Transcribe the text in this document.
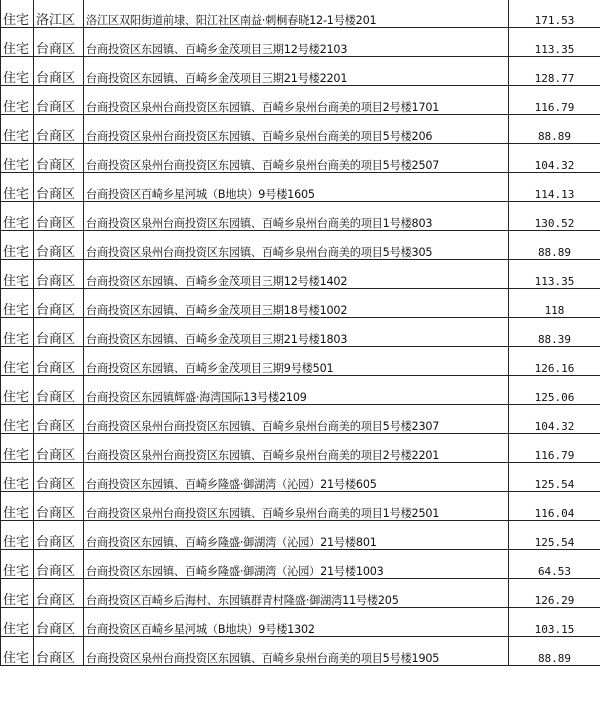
住宅	洛江区	洛江区双阳街道前埭、阳江社区南益·刺桐春晓12-1号楼201	171.53
住宅	台商区	台商投资区东园镇、百崎乡金茂项目三期12号楼2103	113.35
住宅	台商区	台商投资区东园镇、百崎乡金茂项目三期21号楼2201	128.77
住宅	台商区	台商投资区泉州台商投资区东园镇、百崎乡泉州台商美的项目2号楼1701	116.79
住宅	台商区	台商投资区泉州台商投资区东园镇、百崎乡泉州台商美的项目5号楼206	88.89
住宅	台商区	台商投资区泉州台商投资区东园镇、百崎乡泉州台商美的项目5号楼2507	104.32
住宅	台商区	台商投资区百崎乡星河城（B地块）9号楼1605	114.13
住宅	台商区	台商投资区泉州台商投资区东园镇、百崎乡泉州台商美的项目1号楼803	130.52
住宅	台商区	台商投资区泉州台商投资区东园镇、百崎乡泉州台商美的项目5号楼305	88.89
住宅	台商区	台商投资区东园镇、百崎乡金茂项目三期12号楼1402	113.35
住宅	台商区	台商投资区东园镇、百崎乡金茂项目三期18号楼1002	118
住宅	台商区	台商投资区东园镇、百崎乡金茂项目三期21号楼1803	88.39
住宅	台商区	台商投资区东园镇、百崎乡金茂项目三期9号楼501	126.16
住宅	台商区	台商投资区东园镇辉盛·海湾国际13号楼2109	125.06
住宅	台商区	台商投资区泉州台商投资区东园镇、百崎乡泉州台商美的项目5号楼2307	104.32
住宅	台商区	台商投资区泉州台商投资区东园镇、百崎乡泉州台商美的项目2号楼2201	116.79
住宅	台商区	台商投资区东园镇、百崎乡隆盛·御湖湾（沁园）21号楼605	125.54
住宅	台商区	台商投资区泉州台商投资区东园镇、百崎乡泉州台商美的项目1号楼2501	116.04
住宅	台商区	台商投资区东园镇、百崎乡隆盛·御湖湾（沁园）21号楼801	125.54
住宅	台商区	台商投资区东园镇、百崎乡隆盛·御湖湾（沁园）21号楼1003	64.53
住宅	台商区	台商投资区百崎乡后海村、东园镇群青村隆盛·御湖湾11号楼205	126.29
住宅	台商区	台商投资区百崎乡星河城（B地块）9号楼1302	103.15
住宅	台商区	台商投资区泉州台商投资区东园镇、百崎乡泉州台商美的项目5号楼1905	88.89
